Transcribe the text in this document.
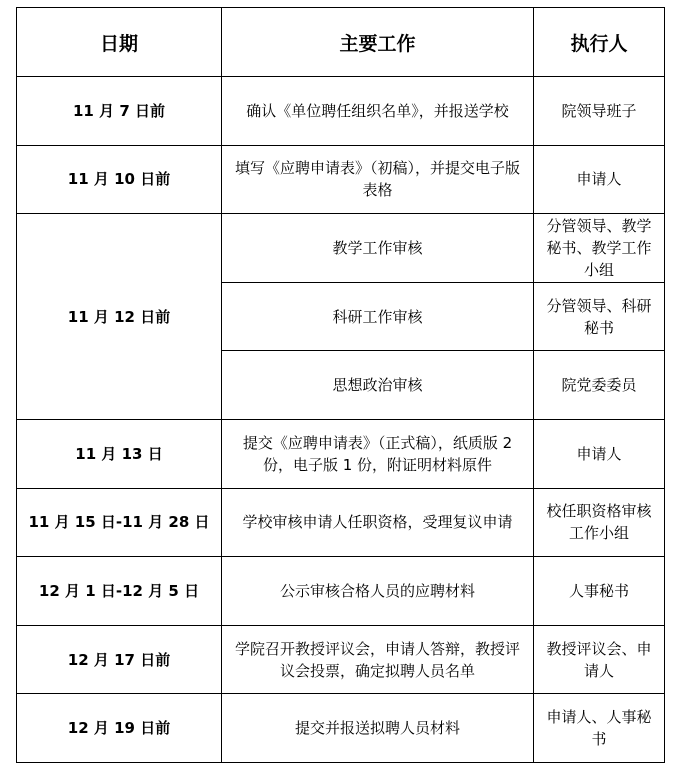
日期	主要工作	执行人
11 月 7 日前	确认《单位聘任组织名单》，并报送学校	院领导班子
11 月 10 日前	填写《应聘申请表》（初稿），并提交电子版表格	申请人
11 月 12 日前	教学工作审核	分管领导、教学秘书、教学工作小组
	科研工作审核	分管领导、科研秘书
	思想政治审核	院党委委员
11 月 13 日	提交《应聘申请表》（正式稿），纸质版 2 份，电子版 1 份，附证明材料原件	申请人
11 月 15 日-11 月 28 日	学校审核申请人任职资格，受理复议申请	校任职资格审核工作小组
12 月 1 日-12 月 5 日	公示审核合格人员的应聘材料	人事秘书
12 月 17 日前	学院召开教授评议会，申请人答辩，教授评议会投票，确定拟聘人员名单	教授评议会、申请人
12 月 19 日前	提交并报送拟聘人员材料	申请人、人事秘书
